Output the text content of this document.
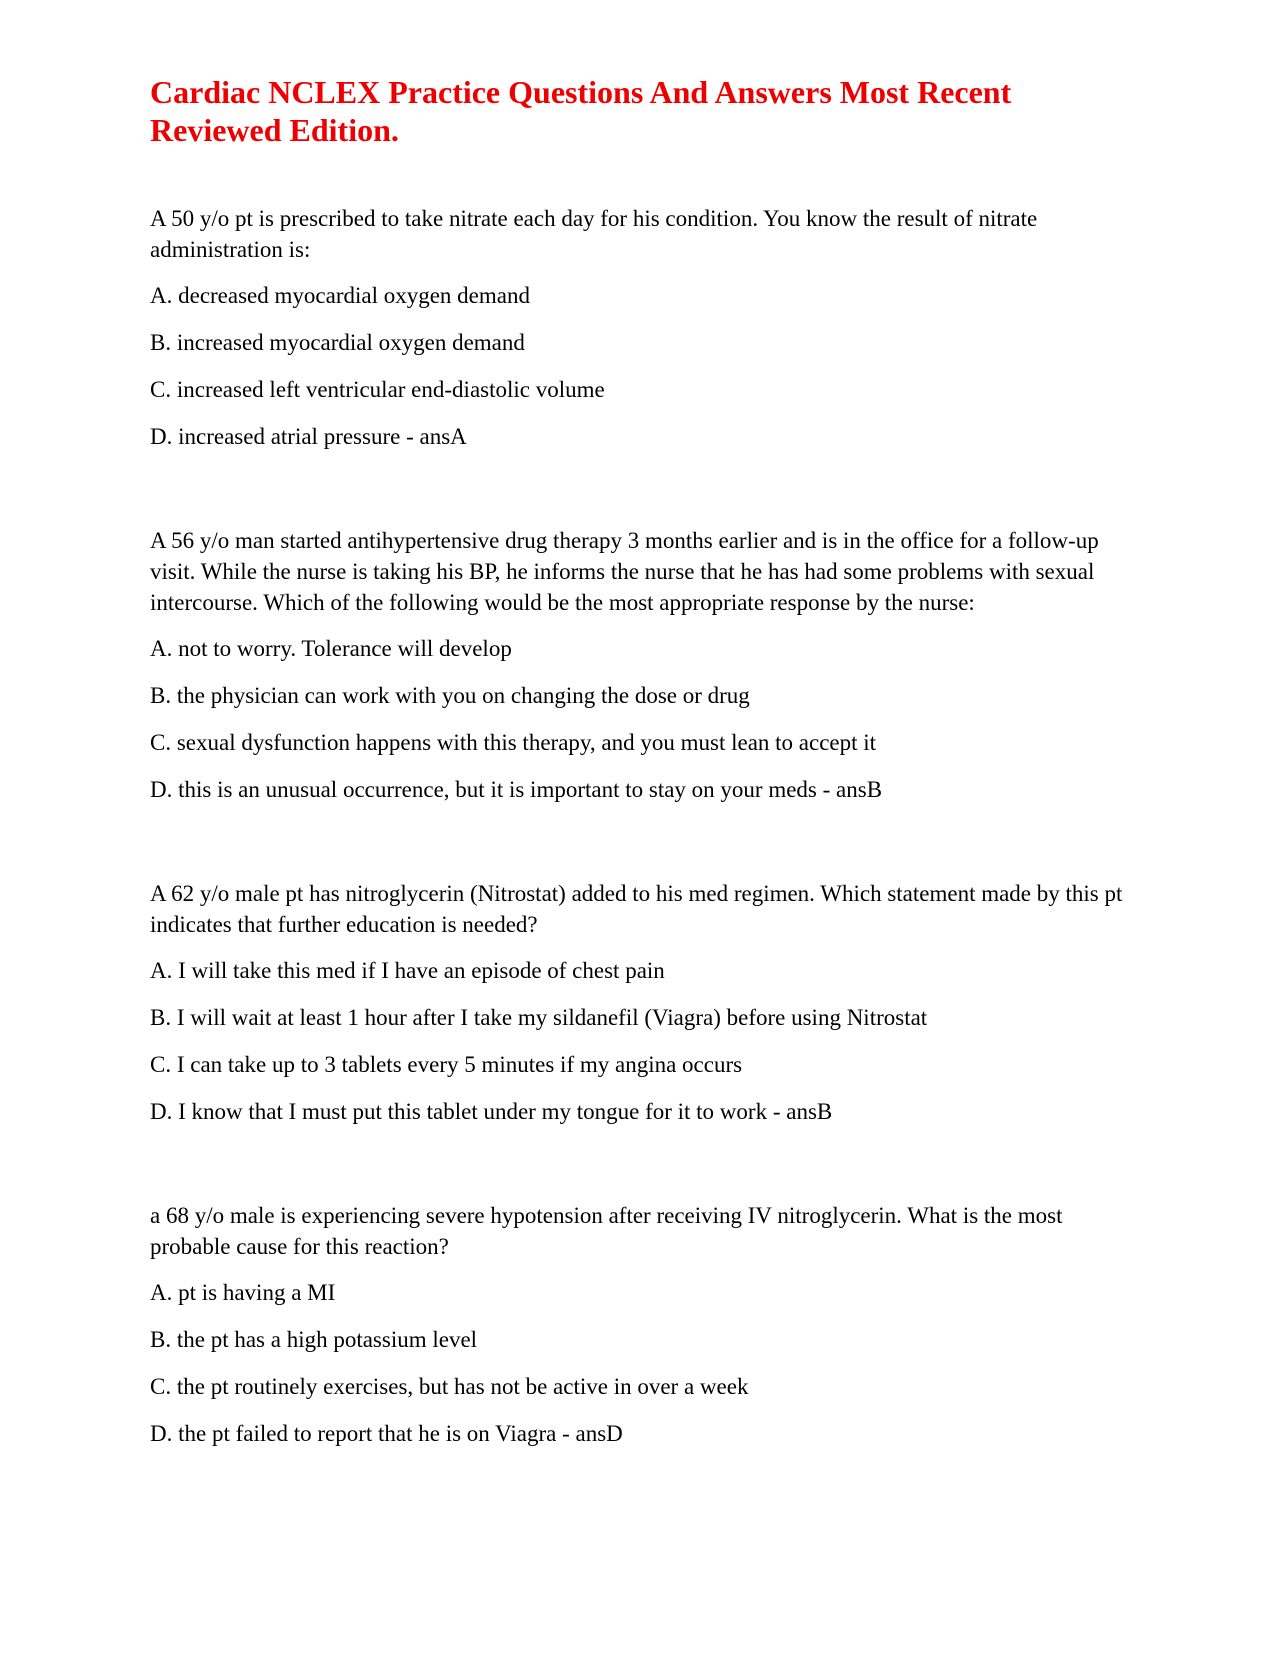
Cardiac NCLEX Practice Questions And Answers Most Recent Reviewed Edition.

A 50 y/o pt is prescribed to take nitrate each day for his condition. You know the result of nitrate administration is:

A. decreased myocardial oxygen demand

B. increased myocardial oxygen demand

C. increased left ventricular end-diastolic volume

D. increased atrial pressure - ansA

A 56 y/o man started antihypertensive drug therapy 3 months earlier and is in the office for a follow-up visit. While the nurse is taking his BP, he informs the nurse that he has had some problems with sexual intercourse. Which of the following would be the most appropriate response by the nurse:

A. not to worry. Tolerance will develop

B. the physician can work with you on changing the dose or drug

C. sexual dysfunction happens with this therapy, and you must lean to accept it

D. this is an unusual occurrence, but it is important to stay on your meds - ansB

A 62 y/o male pt has nitroglycerin (Nitrostat) added to his med regimen. Which statement made by this pt indicates that further education is needed?

A. I will take this med if I have an episode of chest pain

B. I will wait at least 1 hour after I take my sildanefil (Viagra) before using Nitrostat

C. I can take up to 3 tablets every 5 minutes if my angina occurs

D. I know that I must put this tablet under my tongue for it to work - ansB

a 68 y/o male is experiencing severe hypotension after receiving IV nitroglycerin. What is the most probable cause for this reaction?

A. pt is having a MI

B. the pt has a high potassium level

C. the pt routinely exercises, but has not be active in over a week

D. the pt failed to report that he is on Viagra - ansD
